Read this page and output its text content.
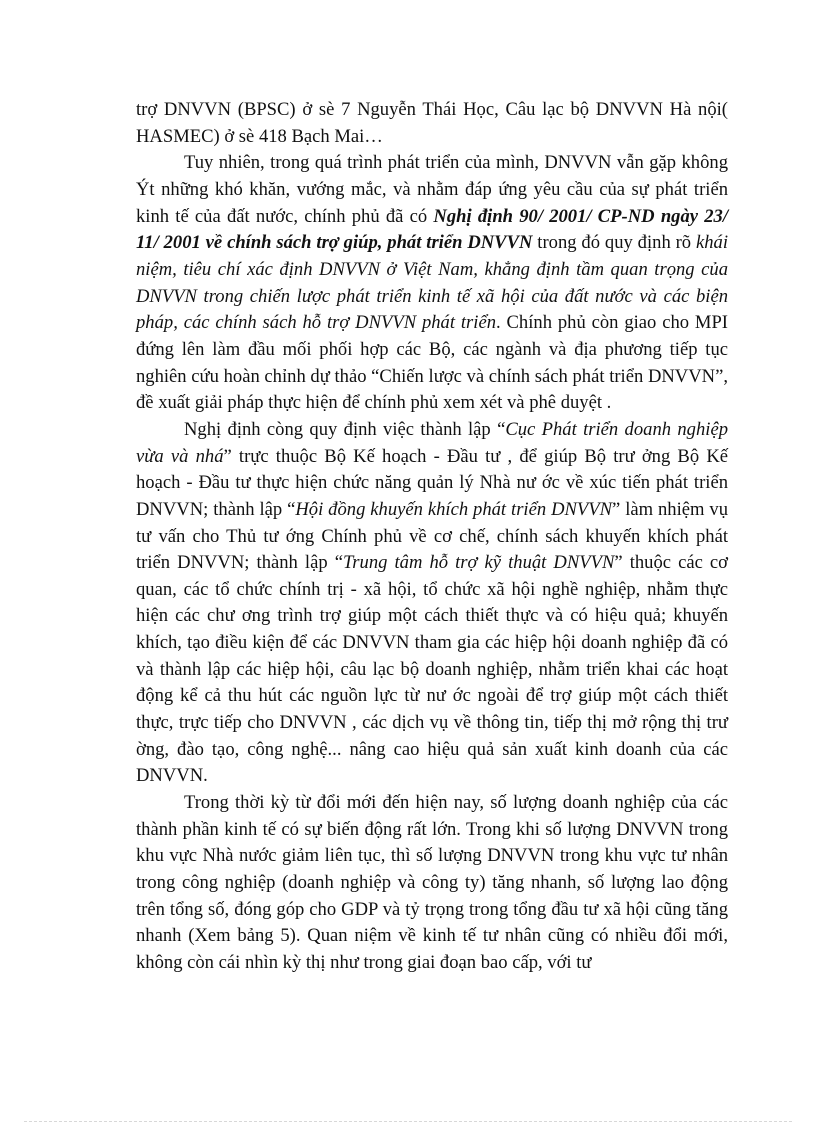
trợ DNVVN (BPSC) ở sè 7 Nguyễn Thái Học, Câu lạc bộ DNVVN Hà nội( HASMEC) ở sè 418 Bạch Mai…

Tuy nhiên, trong quá trình phát triển của mình, DNVVN vẫn gặp không Ýt những khó khăn, vướng mắc, và nhằm đáp ứng yêu cầu của sự phát triển kinh tế của đất nước, chính phủ đã có Nghị định 90/ 2001/ CP-ND ngày 23/ 11/ 2001 về chính sách trợ giúp, phát triển DNVVN trong đó quy định rõ khái niệm, tiêu chí xác định DNVVN ở Việt Nam, khẳng định tầm quan trọng của DNVVN trong chiến lược phát triển kinh tế xã hội của đất nước và các biện pháp, các chính sách hỗ trợ DNVVN phát triển. Chính phủ còn giao cho MPI đứng lên làm đầu mối phối hợp các Bộ, các ngành và địa phương tiếp tục nghiên cứu hoàn chỉnh dự thảo “Chiến lược và chính sách phát triển DNVVN”, đề xuất giải pháp thực hiện để chính phủ xem xét và phê duyệt .

Nghị định còng quy định việc thành lập “Cục Phát triển doanh nghiệp vừa và nhá” trực thuộc Bộ Kế hoạch - Đầu tư , để giúp Bộ trư ởng Bộ Kế hoạch - Đầu tư thực hiện chức năng quản lý Nhà nư ớc về xúc tiến phát triển DNVVN; thành lập “Hội đồng khuyến khích phát triển DNVVN” làm nhiệm vụ tư vấn cho Thủ tư ớng Chính phủ về cơ chế, chính sách khuyến khích phát triển DNVVN; thành lập “Trung tâm hỗ trợ kỹ thuật DNVVN” thuộc các cơ quan, các tổ chức chính trị - xã hội, tổ chức xã hội nghề nghiệp, nhằm thực hiện các chư ơng trình trợ giúp một cách thiết thực và có hiệu quả; khuyến khích, tạo điều kiện để các DNVVN tham gia các hiệp hội doanh nghiệp đã có và thành lập các hiệp hội, câu lạc bộ doanh nghiệp, nhằm triển khai các hoạt động kể cả thu hút các nguồn lực từ nư ớc ngoài để trợ giúp một cách thiết thực, trực tiếp cho DNVVN , các dịch vụ về thông tin, tiếp thị mở rộng thị trư ờng, đào tạo, công nghệ... nâng cao hiệu quả sản xuất kinh doanh của các DNVVN.

Trong thời kỳ từ đổi mới đến hiện nay, số lượng doanh nghiệp của các thành phần kinh tế có sự biến động rất lớn. Trong khi số lượng DNVVN trong khu vực Nhà nước giảm liên tục, thì số lượng DNVVN trong khu vực tư nhân trong công nghiệp (doanh nghiệp và công ty) tăng nhanh, số lượng lao động trên tổng số, đóng góp cho GDP và tỷ trọng trong tổng đầu tư xã hội cũng tăng nhanh (Xem bảng 5). Quan niệm về kinh tế tư nhân cũng có nhiều đổi mới, không còn cái nhìn kỳ thị như trong giai đoạn bao cấp, với tư
